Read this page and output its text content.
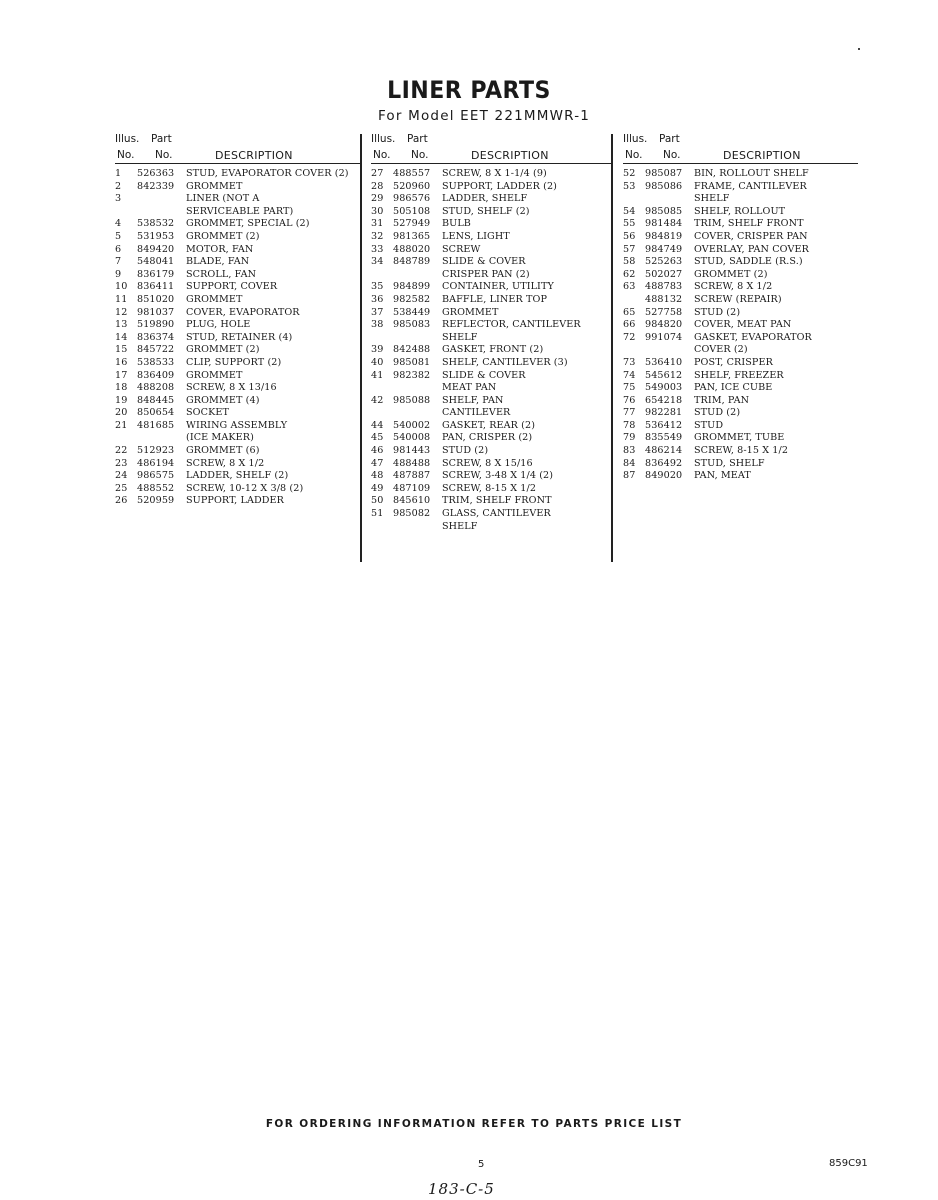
LINER PARTS
For Model EET 221MMWR-1
Illus. Part
No. No.	DESCRIPTION
1	526363	STUD, EVAPORATOR COVER (2)
2	842339	GROMMET
3	LINER (NOT A
SERVICEABLE PART)
4	538532	GROMMET, SPECIAL (2)
5	531953	GROMMET (2)
6	849420	MOTOR, FAN
7	548041	BLADE, FAN
9	836179	SCROLL, FAN
10 836411	SUPPORT, COVER
11 851020	GROMMET
12 981037	COVER, EVAPORATOR
13 519890	PLUG, HOLE
14 836374	STUD, RETAINER (4)
15 845722	GROMMET (2)
16 538533	CLIP, SUPPORT (2)
17 836409	GROMMET
18 488208	SCREW, 8 X 13/16
19 848445	GROMMET (4)
20 850654	SOCKET
21 481685	WIRING ASSEMBLY
(ICE MAKER)
22 512923	GROMMET (6)
23 486194	SCREW, 8 X 1/2
24 986575	LADDER, SHELF (2)
25 488552	SCREW, 10-12 X 3/8 (2)
26 520959	SUPPORT, LADDER
Illus. Part
No. No.	DESCRIPTION
27 488557	SCREW, 8 X 1-1/4 (9)
28 520960	SUPPORT, LADDER (2)
29 986576	LADDER, SHELF
30 505108	STUD, SHELF (2)
31 527949	BULB
32 981365	LENS, LIGHT
33 488020	SCREW
34 848789	SLIDE & COVER
CRISPER PAN (2)
35 984899	CONTAINER, UTILITY
36 982582	BAFFLE, LINER TOP
37 538449	GROMMET
38 985083	REFLECTOR, CANTILEVER
SHELF
39 842488	GASKET, FRONT (2)
40 985081	SHELF, CANTILEVER (3)
41 982382	SLIDE & COVER
MEAT PAN
42 985088	SHELF, PAN
CANTILEVER
44 540002	GASKET, REAR (2)
45 540008	PAN, CRISPER (2)
46 981443	STUD (2)
47 488488	SCREW, 8 X 15/16
48 487887	SCREW, 3-48 X 1/4 (2)
49 487109	SCREW, 8-15 X 1/2
50 845610	TRIM, SHELF FRONT
51 985082	GLASS, CANTILEVER
SHELF
Illus. Part
No. No.	DESCRIPTION
52 985087	BIN, ROLLOUT SHELF
53 985086	FRAME, CANTILEVER
SHELF
54 985085	SHELF, ROLLOUT
55 981484	TRIM, SHELF FRONT
56 984819	COVER, CRISPER PAN
57 984749	OVERLAY, PAN COVER
58 525263	STUD, SADDLE (R.S.)
62 502027	GROMMET (2)
63 488783	SCREW, 8 X 1/2
488132	SCREW (REPAIR)
65 527758	STUD (2)
66 984820	COVER, MEAT PAN
72 991074	GASKET, EVAPORATOR
COVER (2)
73 536410	POST, CRISPER
74 545612	SHELF, FREEZER
75 549003	PAN, ICE CUBE
76 654218	TRIM, PAN
77 982281	STUD (2)
78 536412	STUD
79 835549	GROMMET, TUBE
83 486214	SCREW, 8-15 X 1/2
84 836492	STUD, SHELF
87 849020	PAN, MEAT
FOR ORDERING INFORMATION REFER TO PARTS PRICE LIST
5	859C91
183-C-5
